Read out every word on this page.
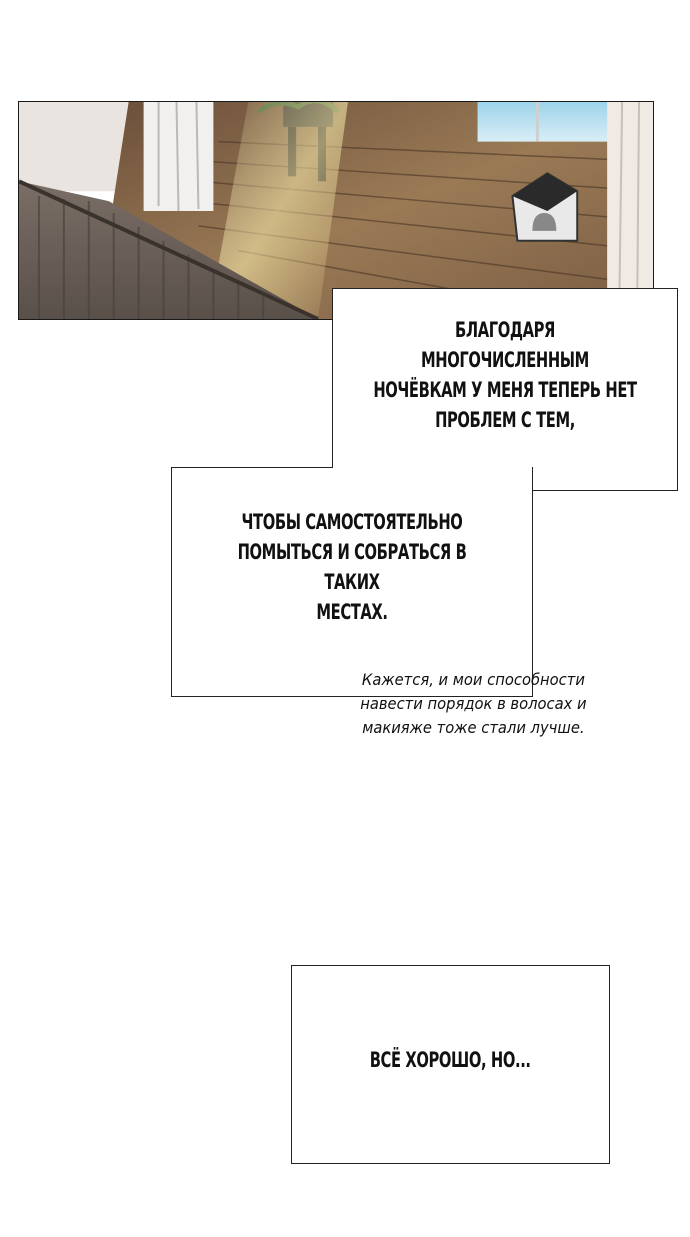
БЛАГОДАРЯ МНОГОЧИСЛЕННЫМ
НОЧЁВКАМ У МЕНЯ ТЕПЕРЬ НЕТ
ПРОБЛЕМ С ТЕМ,
ЧТОБЫ САМОСТОЯТЕЛЬНО
ПОМЫТЬСЯ И СОБРАТЬСЯ В ТАКИХ
МЕСТАХ.
Кажется, и мои способности
навести порядок в волосах и
макияже тоже стали лучше.
ВСЁ ХОРОШО, НО...
